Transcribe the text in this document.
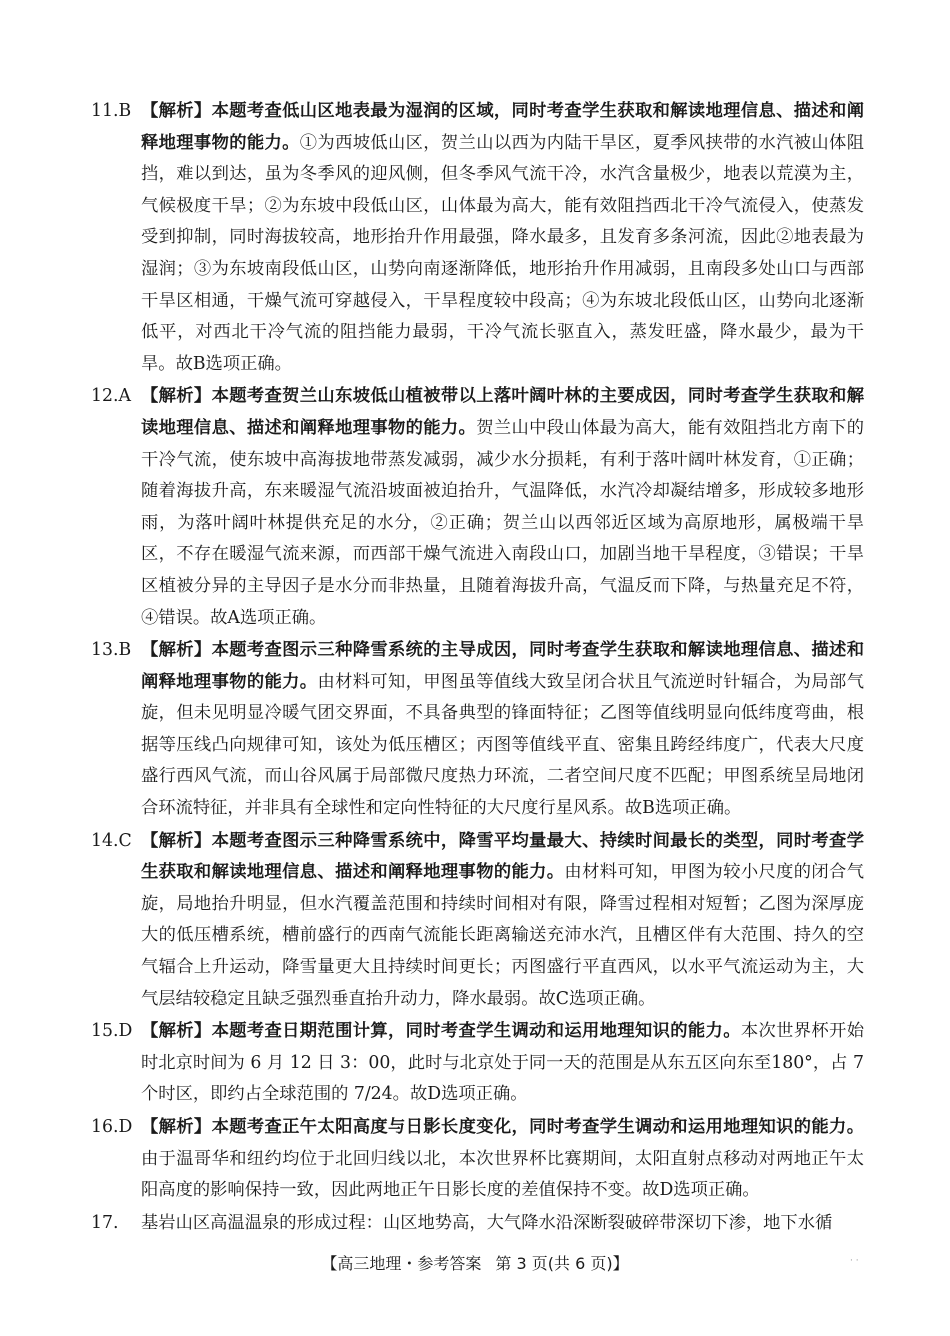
11.B 【解析】本题考查低山区地表最为湿润的区域，同时考查学生获取和解读地理信息、描述和阐释地理事物的能力。①为西坡低山区，贺兰山以西为内陆干旱区，夏季风挟带的水汽被山体阻挡，难以到达，虽为冬季风的迎风侧，但冬季风气流干冷，水汽含量极少，地表以荒漠为主，气候极度干旱；②为东坡中段低山区，山体最为高大，能有效阻挡西北干冷气流侵入，使蒸发受到抑制，同时海拔较高，地形抬升作用最强，降水最多，且发育多条河流，因此②地表最为湿润；③为东坡南段低山区，山势向南逐渐降低，地形抬升作用减弱，且南段多处山口与西部干旱区相通，干燥气流可穿越侵入，干旱程度较中段高；④为东坡北段低山区，山势向北逐渐低平，对西北干冷气流的阻挡能力最弱，干冷气流长驱直入，蒸发旺盛，降水最少，最为干旱。故B选项正确。
12.A 【解析】本题考查贺兰山东坡低山植被带以上落叶阔叶林的主要成因，同时考查学生获取和解读地理信息、描述和阐释地理事物的能力。贺兰山中段山体最为高大，能有效阻挡北方南下的干冷气流，使东坡中高海拔地带蒸发减弱，减少水分损耗，有利于落叶阔叶林发育，①正确；随着海拔升高，东来暖湿气流沿坡面被迫抬升，气温降低，水汽冷却凝结增多，形成较多地形雨，为落叶阔叶林提供充足的水分，②正确；贺兰山以西邻近区域为高原地形，属极端干旱区，不存在暖湿气流来源，而西部干燥气流进入南段山口，加剧当地干旱程度，③错误；干旱区植被分异的主导因子是水分而非热量，且随着海拔升高，气温反而下降，与热量充足不符，④错误。故A选项正确。
13.B 【解析】本题考查图示三种降雪系统的主导成因，同时考查学生获取和解读地理信息、描述和阐释地理事物的能力。由材料可知，甲图虽等值线大致呈闭合状且气流逆时针辐合，为局部气旋，但未见明显冷暖气团交界面，不具备典型的锋面特征；乙图等值线明显向低纬度弯曲，根据等压线凸向规律可知，该处为低压槽区；丙图等值线平直、密集且跨经纬度广，代表大尺度盛行西风气流，而山谷风属于局部微尺度热力环流，二者空间尺度不匹配；甲图系统呈局地闭合环流特征，并非具有全球性和定向性特征的大尺度行星风系。故B选项正确。
14.C 【解析】本题考查图示三种降雪系统中，降雪平均量最大、持续时间最长的类型，同时考查学生获取和解读地理信息、描述和阐释地理事物的能力。由材料可知，甲图为较小尺度的闭合气旋，局地抬升明显，但水汽覆盖范围和持续时间相对有限，降雪过程相对短暂；乙图为深厚庞大的低压槽系统，槽前盛行的西南气流能长距离输送充沛水汽，且槽区伴有大范围、持久的空气辐合上升运动，降雪量更大且持续时间更长；丙图盛行平直西风，以水平气流运动为主，大气层结较稳定且缺乏强烈垂直抬升动力，降水最弱。故C选项正确。
15.D 【解析】本题考查日期范围计算，同时考查学生调动和运用地理知识的能力。本次世界杯开始时北京时间为 6 月 12 日 3：00，此时与北京处于同一天的范围是从东五区向东至180°，占 7 个时区，即约占全球范围的 7/24。故D选项正确。
16.D 【解析】本题考查正午太阳高度与日影长度变化，同时考查学生调动和运用地理知识的能力。由于温哥华和纽约均位于北回归线以北，本次世界杯比赛期间，太阳直射点移动对两地正午太阳高度的影响保持一致，因此两地正午日影长度的差值保持不变。故D选项正确。
17. 基岩山区高温温泉的形成过程：山区地势高，大气降水沿深断裂破碎带深切下渗，地下水循
【高三地理・参考答案 第 3 页(共 6 页)】	· ·
